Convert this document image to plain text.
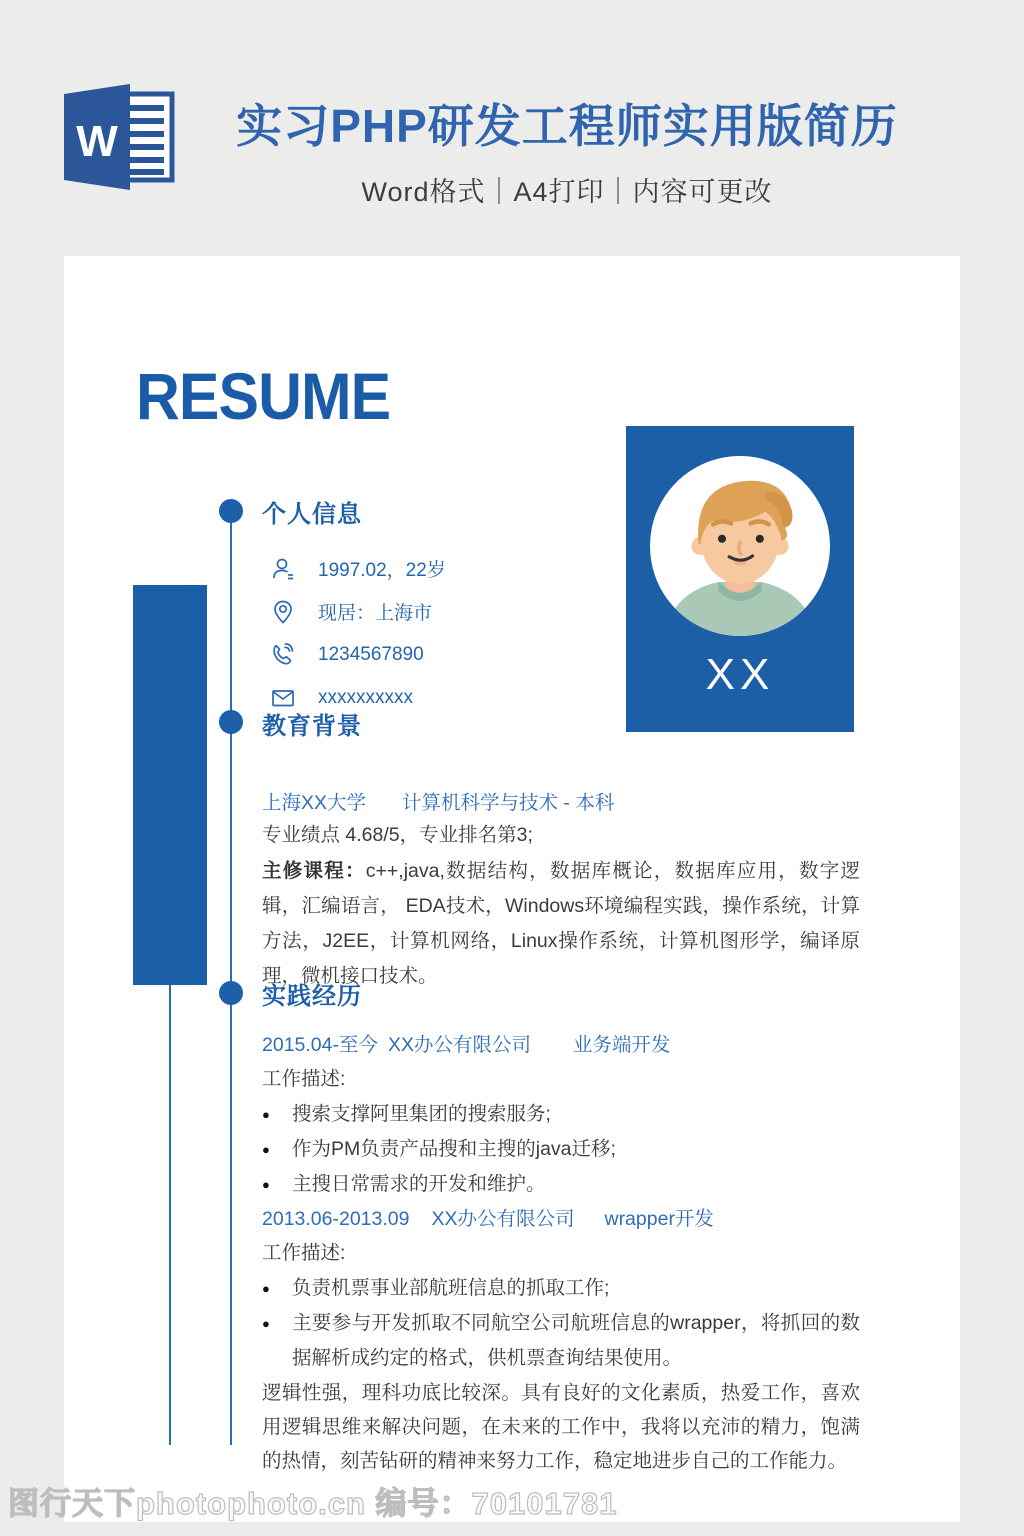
W	实习PHP研发工程师实用版简历
Word格式｜A4打印｜内容可更改
RESUME
XX
个人信息
1997.02，22岁
现居：上海市
1234567890
xxxxxxxxxx
教育背景
上海XX大学 计算机科学与技术 - 本科
专业绩点 4.68/5，专业排名第3;
主修课程：c++,java,数据结构，数据库概论，数据库应用，数字逻辑，汇编语言， EDA技术，Windows环境编程实践，操作系统，计算方法，J2EE，计算机网络，Linux操作系统，计算机图形学，编译原理，微机接口技术。
实践经历
2015.04-至今 XX办公有限公司 业务端开发
工作描述:
●	搜索支撑阿里集团的搜索服务;
●	作为PM负责产品搜和主搜的java迁移;
●	主搜日常需求的开发和维护。
2013.06-2013.09 XX办公有限公司 wrapper开发
工作描述:
●	负责机票事业部航班信息的抓取工作;
●	主要参与开发抓取不同航空公司航班信息的wrapper，将抓回的数据解析成约定的格式，供机票查询结果使用。
逻辑性强，理科功底比较深。具有良好的文化素质，热爱工作，喜欢用逻辑思维来解决问题，在未来的工作中，我将以充沛的精力，饱满的热情，刻苦钻研的精神来努力工作，稳定地进步自己的工作能力。
图行天下photophoto.cn 编号：70101781
